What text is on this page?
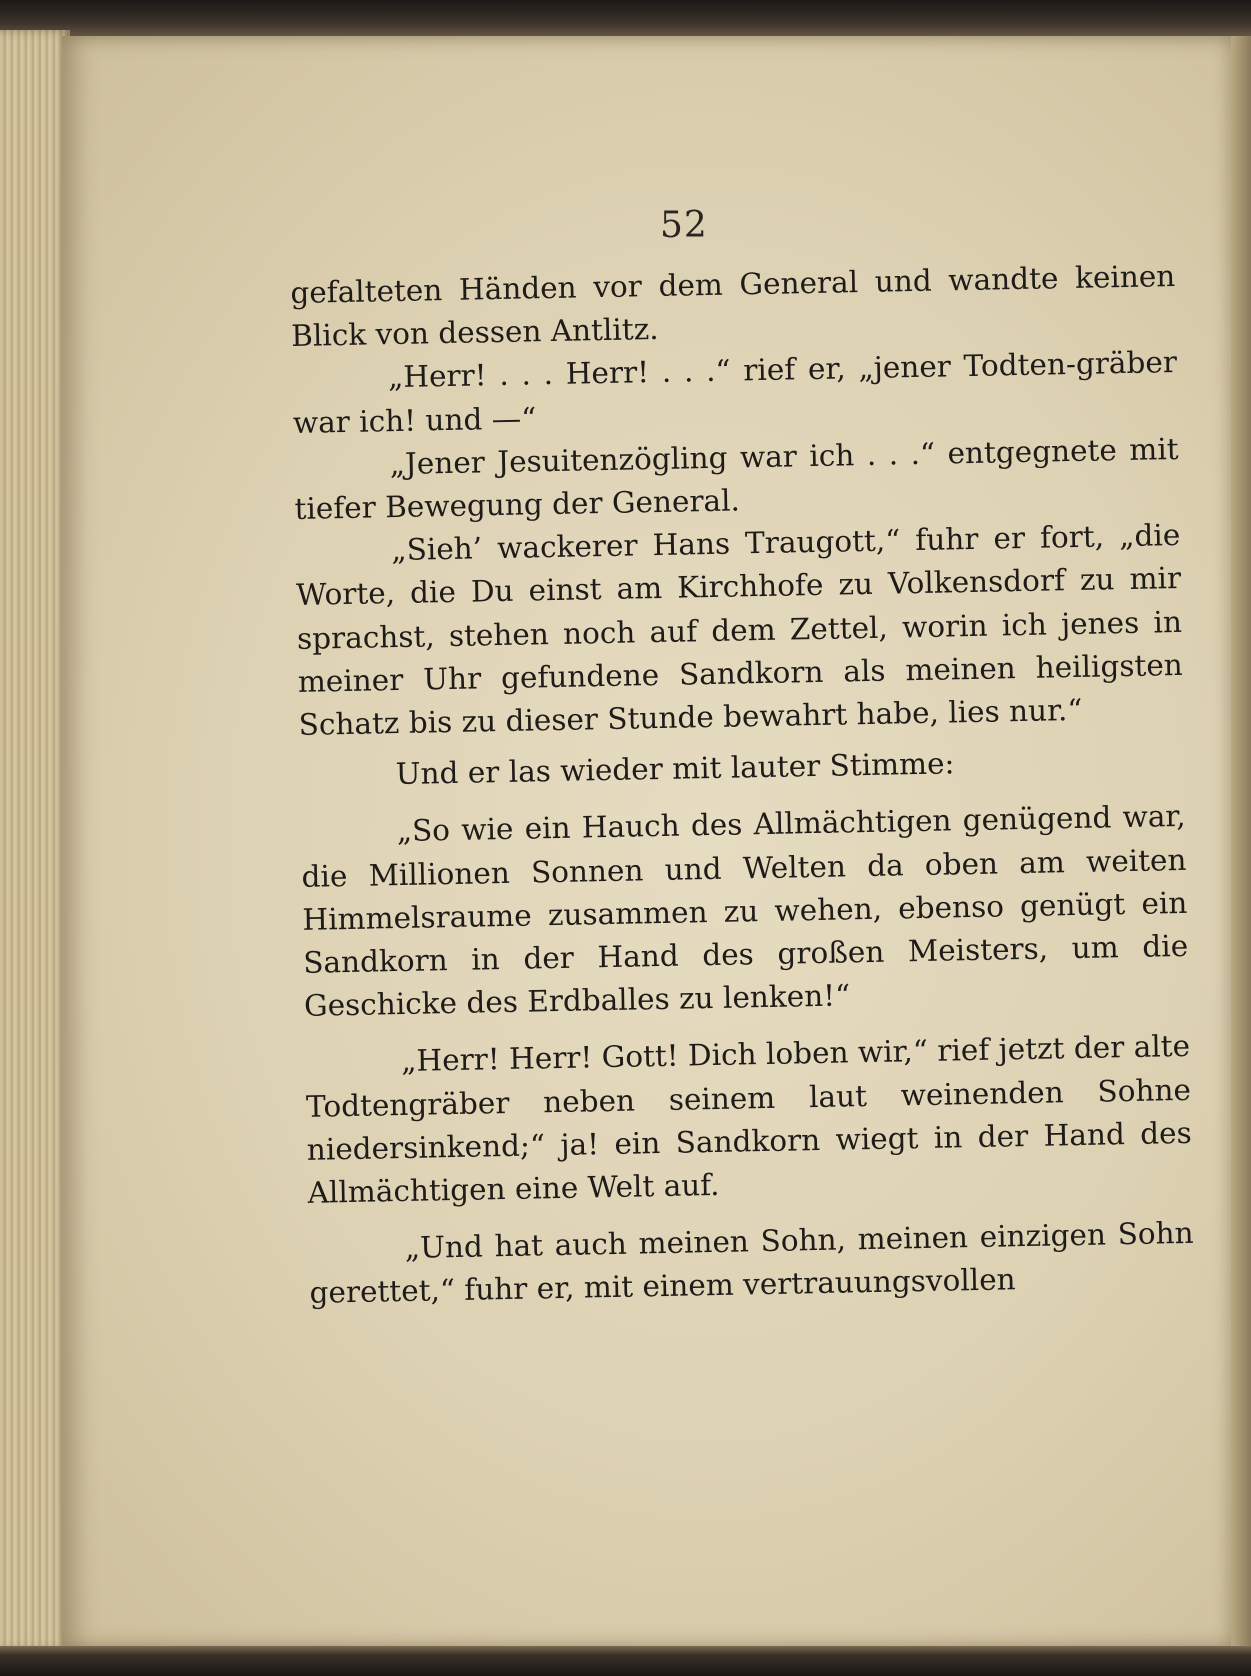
52

gefalteten Händen vor dem General und wandte keinen Blick von dessen Antlitz.

„Herr! . . . Herr! . . .“ rief er, „jener Todten-gräber war ich! und —“

„Jener Jesuitenzögling war ich . . .“ entgegnete mit tiefer Bewegung der General.

„Sieh’ wackerer Hans Traugott,“ fuhr er fort, „die Worte, die Du einst am Kirchhofe zu Volkensdorf zu mir sprachst, stehen noch auf dem Zettel, worin ich jenes in meiner Uhr gefundene Sandkorn als meinen heiligsten Schatz bis zu dieser Stunde bewahrt habe, lies nur.“

Und er las wieder mit lauter Stimme:

„So wie ein Hauch des Allmächtigen genügend war, die Millionen Sonnen und Welten da oben am weiten Himmelsraume zusammen zu wehen, ebenso genügt ein Sandkorn in der Hand des großen Meisters, um die Geschicke des Erdballes zu lenken!“

„Herr! Herr! Gott! Dich loben wir,“ rief jetzt der alte Todtengräber neben seinem laut weinenden Sohne niedersinkend;“ ja! ein Sandkorn wiegt in der Hand des Allmächtigen eine Welt auf.

„Und hat auch meinen Sohn, meinen einzigen Sohn gerettet,“ fuhr er, mit einem vertrauungsvollen
